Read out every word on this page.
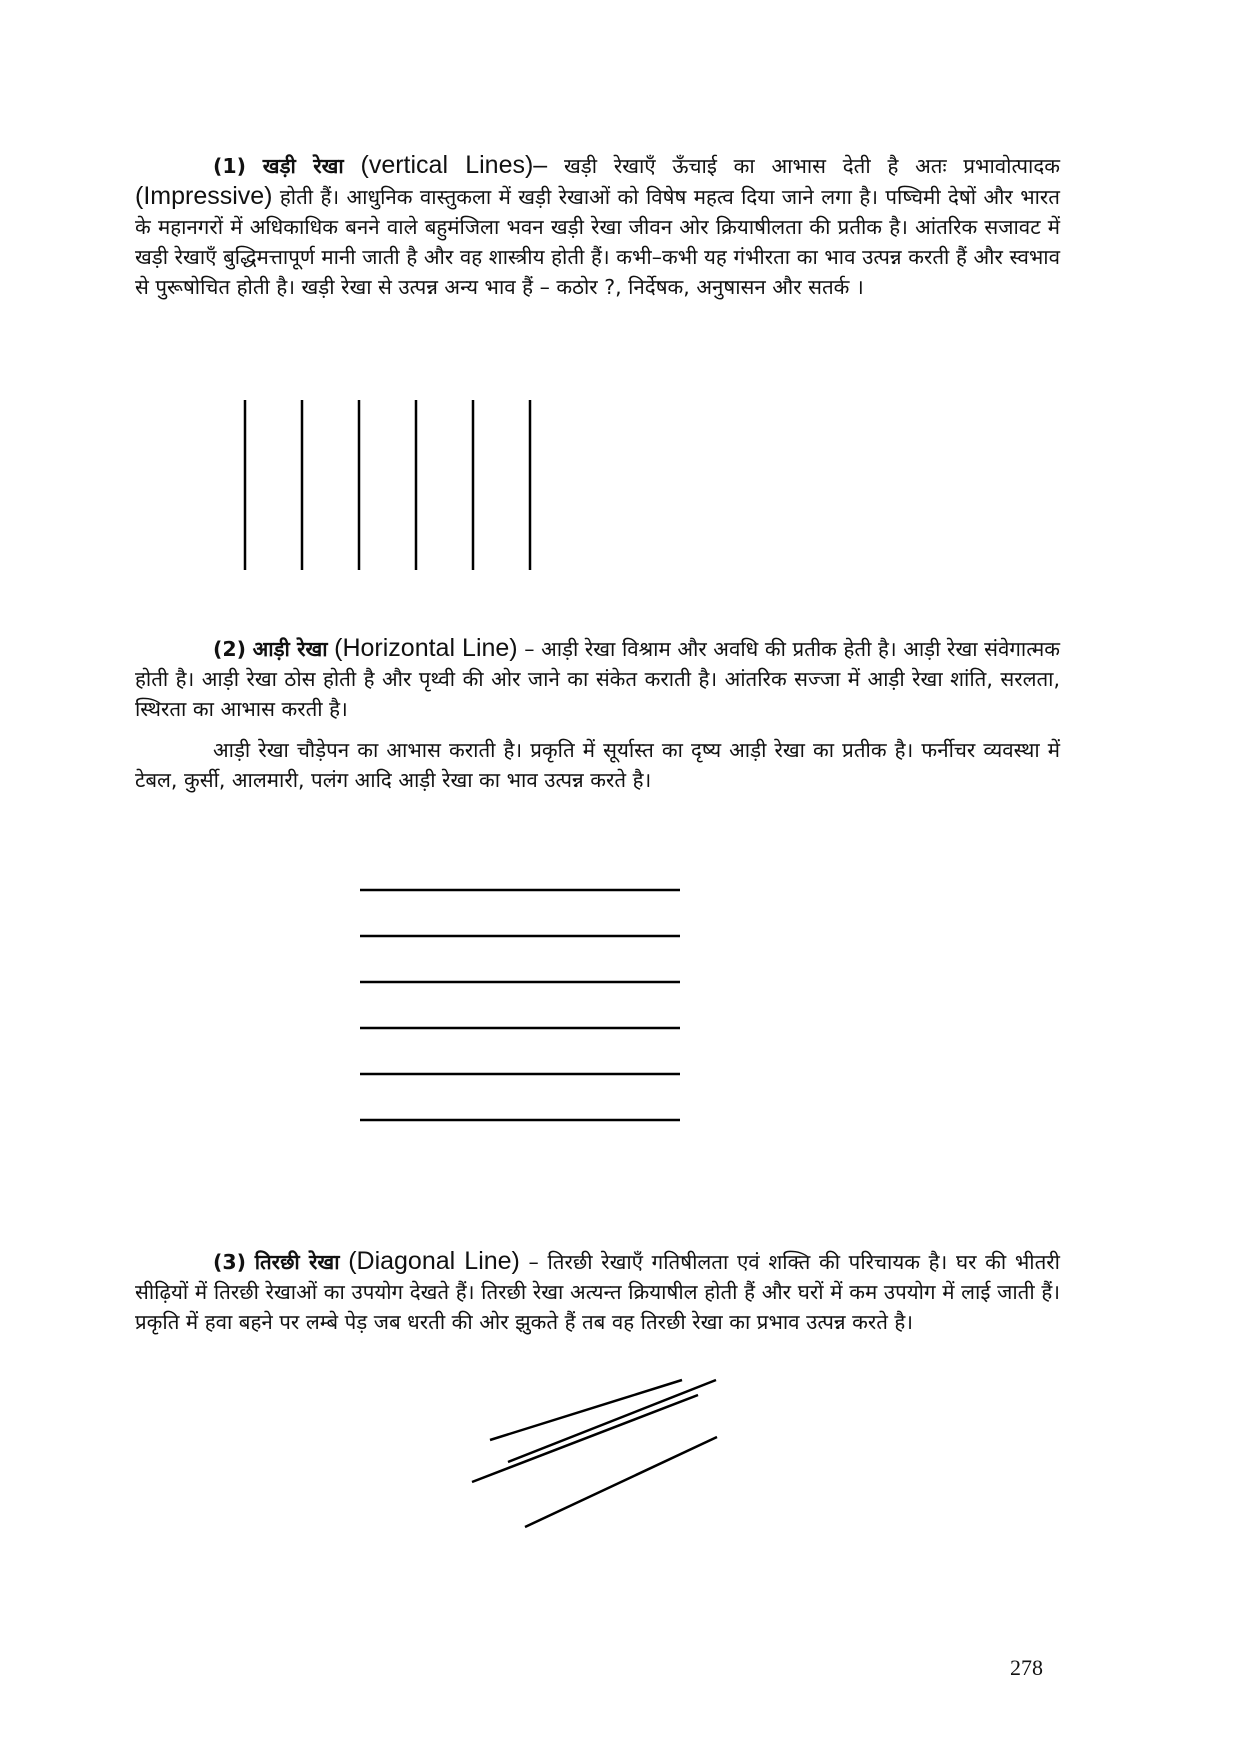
(1) खड़ी रेखा (vertical Lines)– खड़ी रेखाएँ ऊँचाई का आभास देती है अतः प्रभावोत्पादक (Impressive) होती हैं। आधुनिक वास्तुकला में खड़ी रेखाओं को विषेष महत्व दिया जाने लगा है। पष्चिमी देषों और भारत के महानगरों में अधिकाधिक बनने वाले बहुमंजिला भवन खड़ी रेखा जीवन ओर क्रियाषीलता की प्रतीक है। आंतरिक सजावट में खड़ी रेखाएँ बुद्धिमत्तापूर्ण मानी जाती है और वह शास्त्रीय होती हैं। कभी–कभी यह गंभीरता का भाव उत्पन्न करती हैं और स्वभाव से पुरूषोचित होती है। खड़ी रेखा से उत्पन्न अन्य भाव हैं – कठोर ?, निर्देषक, अनुषासन और सतर्क ।

(2) आड़ी रेखा (Horizontal Line) – आड़ी रेखा विश्राम और अवधि की प्रतीक हेती है। आड़ी रेखा संवेगात्मक होती है। आड़ी रेखा ठोस होती है और पृथ्वी की ओर जाने का संकेत कराती है। आंतरिक सज्जा में आड़ी रेखा शांति, सरलता, स्थिरता का आभास करती है।

आड़ी रेखा चौड़ेपन का आभास कराती है। प्रकृति में सूर्यास्त का दृष्य आड़ी रेखा का प्रतीक है। फर्नीचर व्यवस्था में टेबल, कुर्सी, आलमारी, पलंग आदि आड़ी रेखा का भाव उत्पन्न करते है।

(3) तिरछी रेखा (Diagonal Line) – तिरछी रेखाएँ गतिषीलता एवं शक्ति की परिचायक है। घर की भीतरी सीढ़ियों में तिरछी रेखाओं का उपयोग देखते हैं। तिरछी रेखा अत्यन्त क्रियाषील होती हैं और घरों में कम उपयोग में लाई जाती हैं। प्रकृति में हवा बहने पर लम्बे पेड़ जब धरती की ओर झुकते हैं तब वह तिरछी रेखा का प्रभाव उत्पन्न करते है।

278
